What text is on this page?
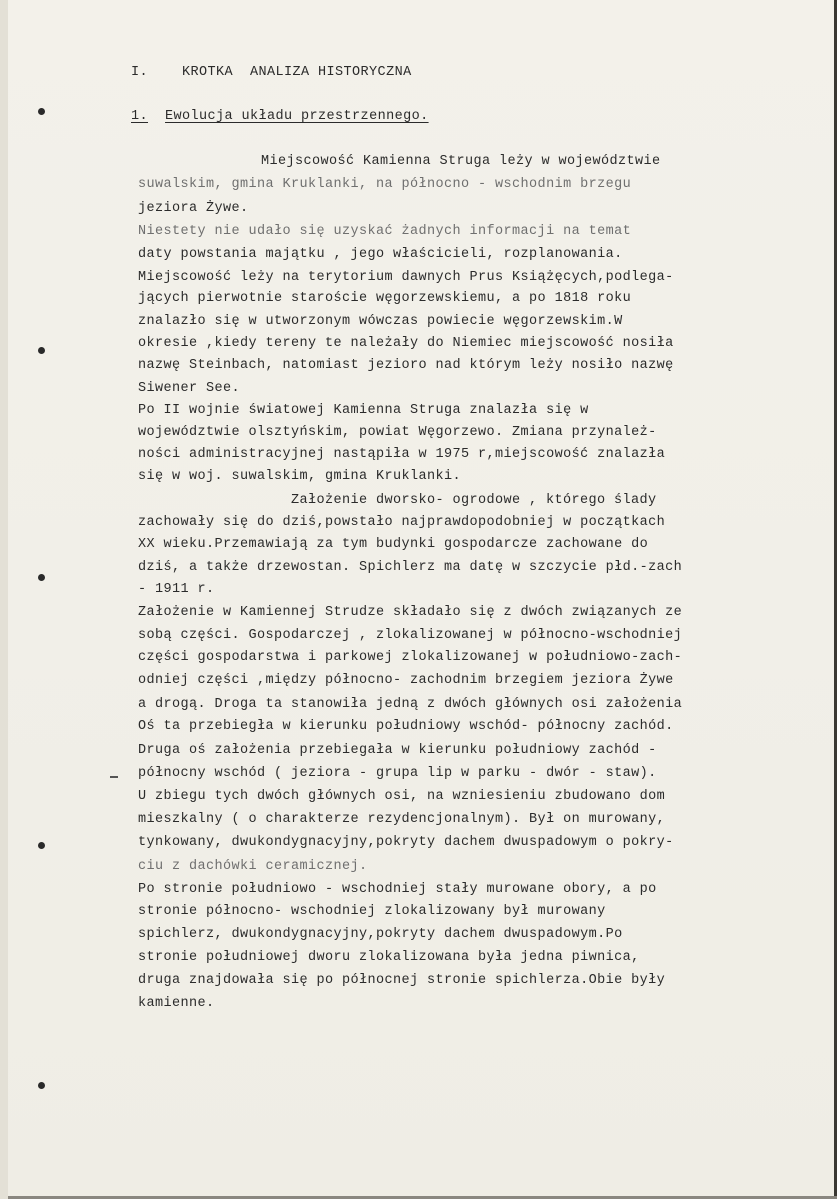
I.	KROTKA  ANALIZA HISTORYCZNA

1. Ewolucja układu przestrzennego.

Miejscowość Kamienna Struga leży w województwie

suwalskim, gmina Kruklanki, na północno - wschodnim brzegu

jeziora Żywe.

Niestety nie udało się uzyskać żadnych informacji na temat

daty powstania majątku , jego właścicieli, rozplanowania.

Miejscowość leży na terytorium dawnych Prus Książęcych,podlega-

jących pierwotnie staroście węgorzewskiemu, a po 1818 roku

znalazło się w utworzonym wówczas powiecie węgorzewskim.W

okresie ,kiedy tereny te należały do Niemiec miejscowość nosiła

nazwę Steinbach, natomiast jezioro nad którym leży nosiło nazwę

Siwener See.

Po II wojnie światowej Kamienna Struga znalazła się w

województwie olsztyńskim, powiat Węgorzewo. Zmiana przynależ-

ności administracyjnej nastąpiła w 1975 r,miejscowość znalazła

się w woj. suwalskim, gmina Kruklanki.

Założenie dworsko- ogrodowe , którego ślady

zachowały się do dziś,powstało najprawdopodobniej w początkach

XX wieku.Przemawiają za tym budynki gospodarcze zachowane do

dziś, a także drzewostan. Spichlerz ma datę w szczycie płd.-zach

- 1911 r.

Założenie w Kamiennej Strudze składało się z dwóch związanych ze

sobą części. Gospodarczej , zlokalizowanej w północno-wschodniej

części gospodarstwa i parkowej zlokalizowanej w południowo-zach-

odniej części ,między północno- zachodnim brzegiem jeziora Żywe

a drogą. Droga ta stanowiła jedną z dwóch głównych osi założenia

Oś ta przebiegła w kierunku południowy wschód- północny zachód.

Druga oś założenia przebiegała w kierunku południowy zachód -

północny wschód ( jeziora - grupa lip w parku - dwór - staw).

U zbiegu tych dwóch głównych osi, na wzniesieniu zbudowano dom

mieszkalny ( o charakterze rezydencjonalnym). Był on murowany,

tynkowany, dwukondygnacyjny,pokryty dachem dwuspadowym o pokry-

ciu z dachówki ceramicznej.

Po stronie południowo - wschodniej stały murowane obory, a po

stronie północno- wschodniej zlokalizowany był murowany

spichlerz, dwukondygnacyjny,pokryty dachem dwuspadowym.Po

stronie południowej dworu zlokalizowana była jedna piwnica,

druga znajdowała się po północnej stronie spichlerza.Obie były

kamienne.
